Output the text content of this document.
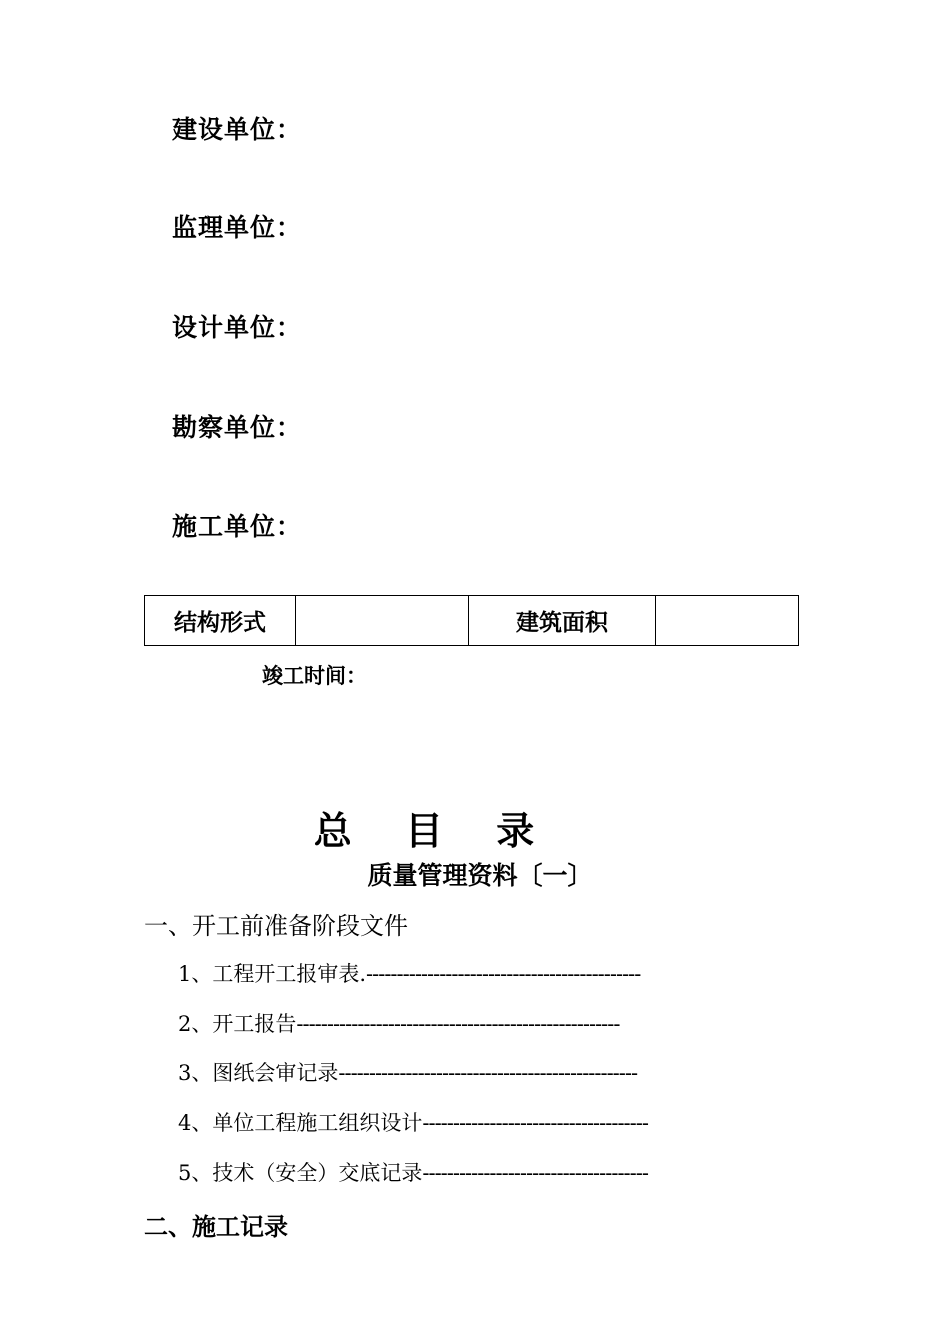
建设单位：
监理单位：
设计单位：
勘察单位：
施工单位：
结构形式		建筑面积	
竣工时间：
总 目 录
质量管理资料〔一〕
一、开工前准备阶段文件
1、工程开工报审表.---------------------------------------------
2、开工报告-----------------------------------------------------
3、图纸会审记录-------------------------------------------------
4、单位工程施工组织设计-------------------------------------
5、技术（安全）交底记录-------------------------------------
二、施工记录
